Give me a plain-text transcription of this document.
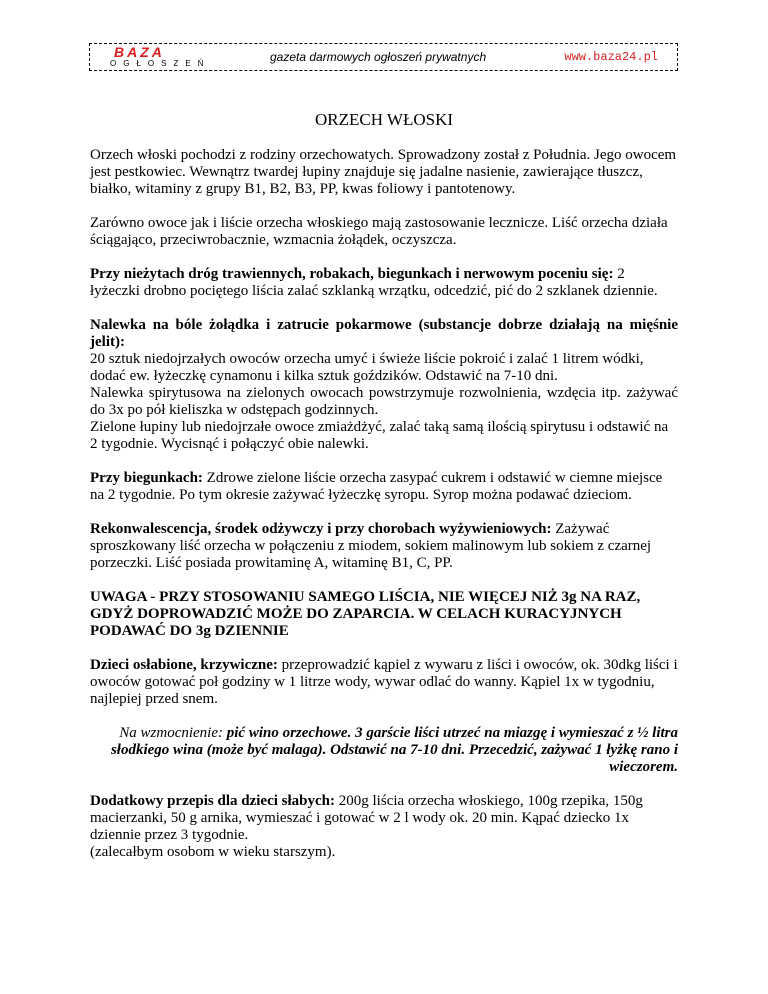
BAZA
OGŁOSZEŃ	gazeta darmowych ogłoszeń prywatnych	www.baza24.pl
ORZECH WŁOSKI

Orzech włoski pochodzi z rodziny orzechowatych. Sprowadzony został z Południa. Jego owocem jest pestkowiec. Wewnątrz twardej łupiny znajduje się jadalne nasienie, zawierające tłuszcz, białko, witaminy z grupy B1, B2, B3, PP, kwas foliowy i pantotenowy.

Zarówno owoce jak i liście orzecha włoskiego mają zastosowanie lecznicze. Liść orzecha działa ściągająco, przeciwrobacznie, wzmacnia żołądek, oczyszcza.

Przy nieżytach dróg trawiennych, robakach, biegunkach i nerwowym poceniu się: 2 łyżeczki drobno pociętego liścia zalać szklanką wrzątku, odcedzić, pić do 2 szklanek dziennie.

Nalewka na bóle żołądka i zatrucie pokarmowe (substancje dobrze działają na mięśnie jelit):
20 sztuk niedojrzałych owoców orzecha umyć i świeże liście pokroić i zalać 1 litrem wódki, dodać ew. łyżeczkę cynamonu i kilka sztuk goździków. Odstawić na 7-10 dni.
Nalewka spirytusowa na zielonych owocach powstrzymuje rozwolnienia, wzdęcia itp. zażywać do 3x po pół kieliszka w odstępach godzinnych.
Zielone łupiny lub niedojrzałe owoce zmiażdżyć, zalać taką samą ilością spirytusu i odstawić na 2 tygodnie. Wycisnąć i połączyć obie nalewki.

Przy biegunkach: Zdrowe zielone liście orzecha zasypać cukrem i odstawić w ciemne miejsce na 2 tygodnie. Po tym okresie zażywać łyżeczkę syropu. Syrop można podawać dzieciom.

Rekonwalescencja, środek odżywczy i przy chorobach wyżywieniowych: Zażywać sproszkowany liść orzecha w połączeniu z miodem, sokiem malinowym lub sokiem z czarnej porzeczki. Liść posiada prowitaminę A, witaminę B1, C, PP.

UWAGA - PRZY STOSOWANIU SAMEGO LIŚCIA, NIE WIĘCEJ NIŻ 3g NA RAZ, GDYŻ DOPROWADZIĆ MOŻE DO ZAPARCIA. W CELACH KURACYJNYCH PODAWAĆ DO 3g DZIENNIE

Dzieci osłabione, krzywiczne: przeprowadzić kąpiel z wywaru z liści i owoców, ok. 30dkg liści i owoców gotować poł godziny w 1 litrze wody, wywar odlać do wanny. Kąpiel 1x w tygodniu, najlepiej przed snem.

Na wzmocnienie: pić wino orzechowe. 3 garście liści utrzeć na miazgę i wymieszać z ½ litra słodkiego wina (może być malaga). Odstawić na 7-10 dni. Przecedzić, zażywać 1 łyżkę rano i wieczorem.

Dodatkowy przepis dla dzieci słabych: 200g liścia orzecha włoskiego, 100g rzepika, 150g macierzanki, 50 g arnika, wymieszać i gotować w 2 l wody ok. 20 min. Kąpać dziecko 1x dziennie przez 3 tygodnie.
(zalecałbym osobom w wieku starszym).
